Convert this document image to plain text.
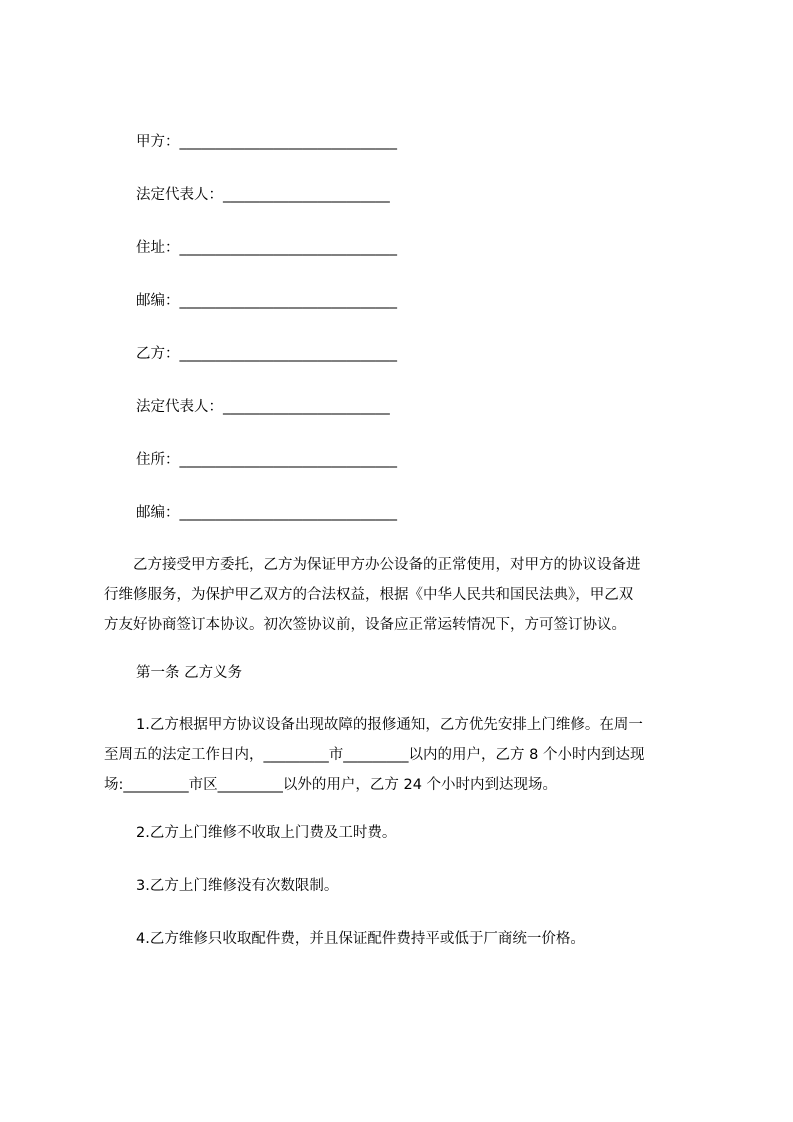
甲方：______________________________
法定代表人：_______________________
住址：______________________________
邮编：______________________________
乙方：______________________________
法定代表人：_______________________
住所：______________________________
邮编：______________________________
　　乙方接受甲方委托，乙方为保证甲方办公设备的正常使用，对甲方的协议设备进
行维修服务，为保护甲乙双方的合法权益，根据《中华人民共和国民法典》，甲乙双
方友好协商签订本协议。初次签协议前，设备应正常运转情况下，方可签订协议。
第一条 乙方义务
1.乙方根据甲方协议设备出现故障的报修通知，乙方优先安排上门维修。在周一
至周五的法定工作日内，_________市_________以内的用户，乙方 8 个小时内到达现
场:_________市区_________以外的用户，乙方 24 个小时内到达现场。
2.乙方上门维修不收取上门费及工时费。
3.乙方上门维修没有次数限制。
4.乙方维修只收取配件费，并且保证配件费持平或低于厂商统一价格。
